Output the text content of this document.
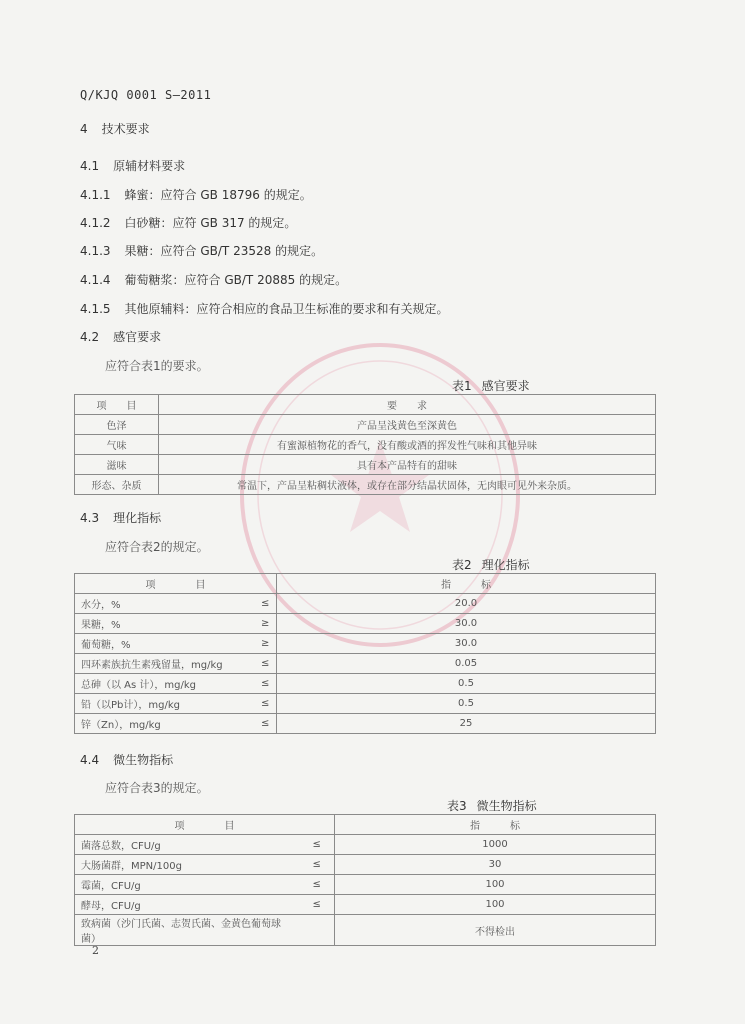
Q/KJQ 0001 S—2011
4 技术要求
4.1 原辅材料要求
4.1.1 蜂蜜：应符合 GB 18796 的规定。
4.1.2 白砂糖：应符 GB 317 的规定。
4.1.3 果糖：应符合 GB/T 23528 的规定。
4.1.4 葡萄糖浆：应符合 GB/T 20885 的规定。
4.1.5 其他原辅料：应符合相应的食品卫生标准的要求和有关规定。
4.2 感官要求
应符合表1的要求。
表1 感官要求
项　　目	要　　求
色泽	产品呈浅黄色至深黄色
气味	有蜜源植物花的香气，没有酸或酒的挥发性气味和其他异味
滋味	具有本产品特有的甜味
形态、杂质	常温下，产品呈粘稠状液体，或存在部分结晶状固体，无肉眼可见外来杂质。
4.3 理化指标
应符合表2的规定。
表2 理化指标
项　　　　目		指　　　标
水分，%	≤	20.0
果糖，%	≥	30.0
葡萄糖，%	≥	30.0
四环素族抗生素残留量，mg/kg	≤	0.05
总砷（以 As 计），mg/kg	≤	0.5
铅（以Pb计），mg/kg	≤	0.5
锌（Zn），mg/kg	≤	25
4.4 微生物指标
应符合表3的规定。
表3 微生物指标
项　　　　目		指　　　标
菌落总数，CFU/g	≤	1000
大肠菌群，MPN/100g	≤	30
霉菌，CFU/g	≤	100
酵母，CFU/g	≤	100
致病菌（沙门氏菌、志贺氏菌、金黄色葡萄球菌）		不得检出
2
